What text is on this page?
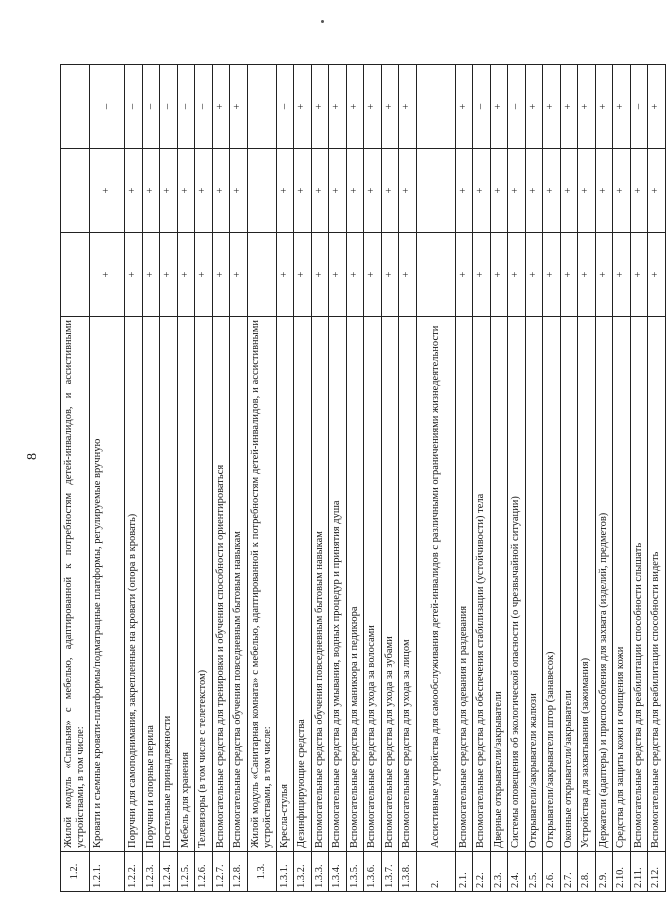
8
1.2.	Жилой модуль «Спальня» с мебелью, адаптированной к потребностям детей-инвалидов, и ассистивными устройствами, в том числе:			
1.2.1.	Кровати и съемные кровати-платформы/подматрацные платформы, регулируемые вручную	+	+	–
1.2.2.	Поручни для самоподнимания, закрепленные на кровати (опора в кровать)	+	+	–
1.2.3.	Поручни и опорные перила	+	+	–
1.2.4.	Постельные принадлежности	+	+	–
1.2.5.	Мебель для хранения	+	+	–
1.2.6.	Телевизоры (в том числе с телетекстом)	+	+	–
1.2.7.	Вспомогательные средства для тренировки и обучения способности ориентироваться	+	+	+
1.2.8.	Вспомогательные средства обучения повседневным бытовым навыкам	+	+	+
1.3.	Жилой модуль «Санитарная комната» с мебелью, адаптированной к потребностям детей-инвалидов, и ассистивными устройствами, в том числе:			
1.3.1.	Кресла-стулья	+	+	–
1.3.2.	Дезинфицирующие средства	+	+	+
1.3.3.	Вспомогательные средства обучения повседневным бытовым навыкам	+	+	+
1.3.4.	Вспомогательные средства для умывания, водных процедур и принятия душа	+	+	+
1.3.5.	Вспомогательные средства для маникюра и педикюра	+	+	+
1.3.6.	Вспомогательные средства для ухода за волосами	+	+	+
1.3.7.	Вспомогательные средства для ухода за зубами	+	+	+
1.3.8.	Вспомогательные средства для ухода за лицом	+	+	+
2.	Ассистивные устройства для самообслуживания детей-инвалидов с различными ограничениями жизнедеятельности			
2.1.	Вспомогательные средства для одевания и раздевания	+	+	+
2.2.	Вспомогательные средства для обеспечения стабилизации (устойчивости) тела	+	+	–
2.3.	Дверные открыватели/закрыватели	+	+	+
2.4.	Системы оповещения об экологической опасности (о чрезвычайной ситуации)	+	+	–
2.5.	Открыватели/закрыватели жалюзи	+	+	+
2.6.	Открыватели/закрыватели штор (занавесок)	+	+	+
2.7.	Оконные открыватели/закрыватели	+	+	+
2.8.	Устройства для захватывания (зажимания)	+	+	+
2.9.	Держатели (адаптеры) и приспособления для захвата (изделий, предметов)	+	+	+
2.10.	Средства для защиты кожи и очищения кожи	+	+	+
2.11.	Вспомогательные средства для реабилитации способности слышать	+	+	–
2.12.	Вспомогательные средства для реабилитации способности видеть	+	+	+
